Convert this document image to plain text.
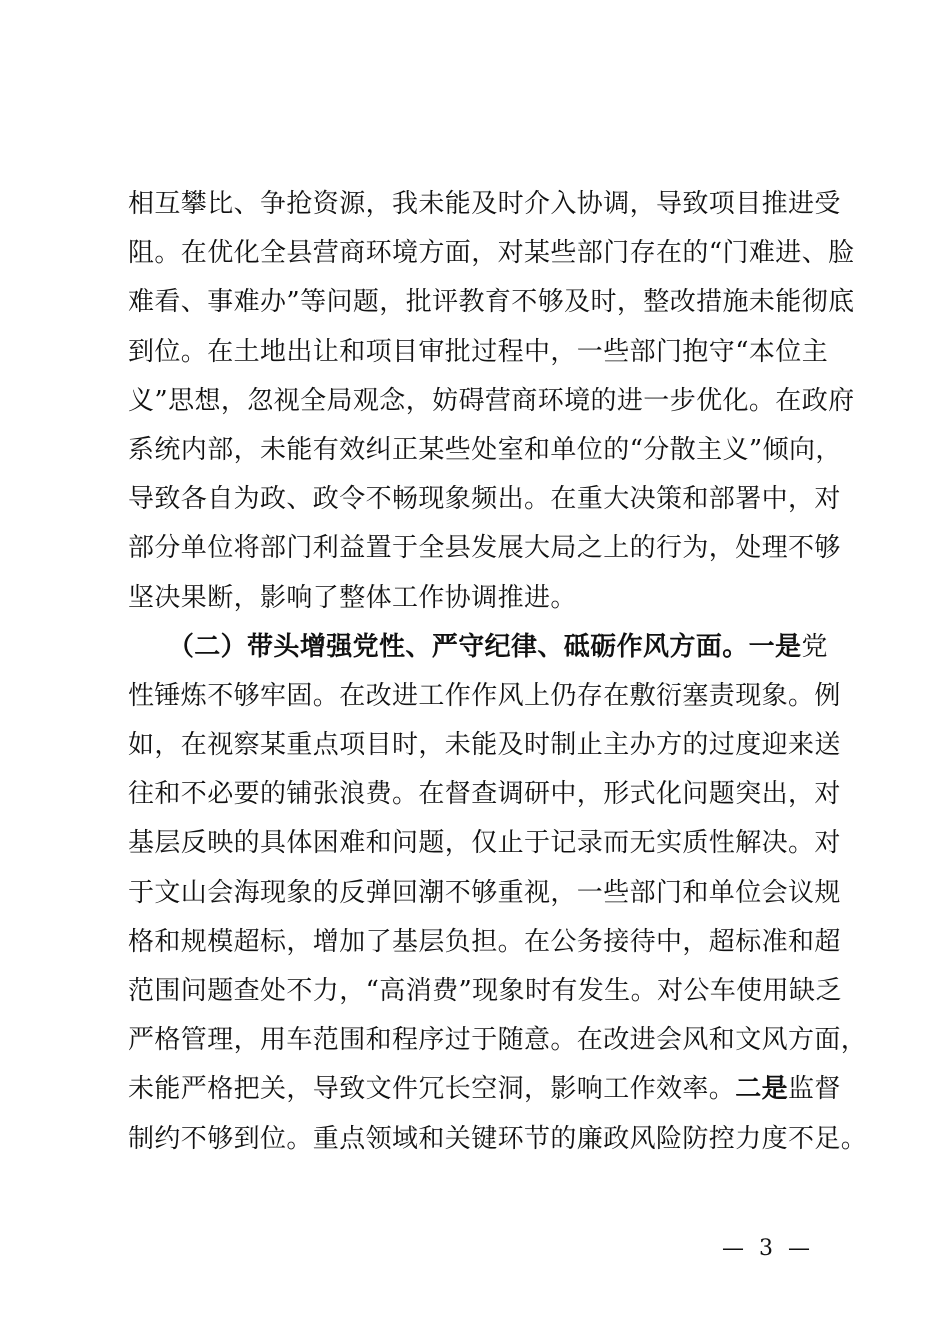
相互攀比、争抢资源，我未能及时介入协调，导致项目推进受
阻。在优化全县营商环境方面，对某些部门存在的“门难进、脸
难看、事难办”等问题，批评教育不够及时，整改措施未能彻底
到位。在土地出让和项目审批过程中，一些部门抱守“本位主
义”思想，忽视全局观念，妨碍营商环境的进一步优化。在政府
系统内部，未能有效纠正某些处室和单位的“分散主义”倾向，
导致各自为政、政令不畅现象频出。在重大决策和部署中，对
部分单位将部门利益置于全县发展大局之上的行为，处理不够
坚决果断，影响了整体工作协调推进。
　　（二）带头增强党性、严守纪律、砥砺作风方面。一是党
性锤炼不够牢固。在改进工作作风上仍存在敷衍塞责现象。例
如，在视察某重点项目时，未能及时制止主办方的过度迎来送
往和不必要的铺张浪费。在督查调研中，形式化问题突出，对
基层反映的具体困难和问题，仅止于记录而无实质性解决。对
于文山会海现象的反弹回潮不够重视，一些部门和单位会议规
格和规模超标，增加了基层负担。在公务接待中，超标准和超
范围问题查处不力，“高消费”现象时有发生。对公车使用缺乏
严格管理，用车范围和程序过于随意。在改进会风和文风方面，
未能严格把关，导致文件冗长空洞，影响工作效率。二是监督
制约不够到位。重点领域和关键环节的廉政风险防控力度不足。
— 3 —
